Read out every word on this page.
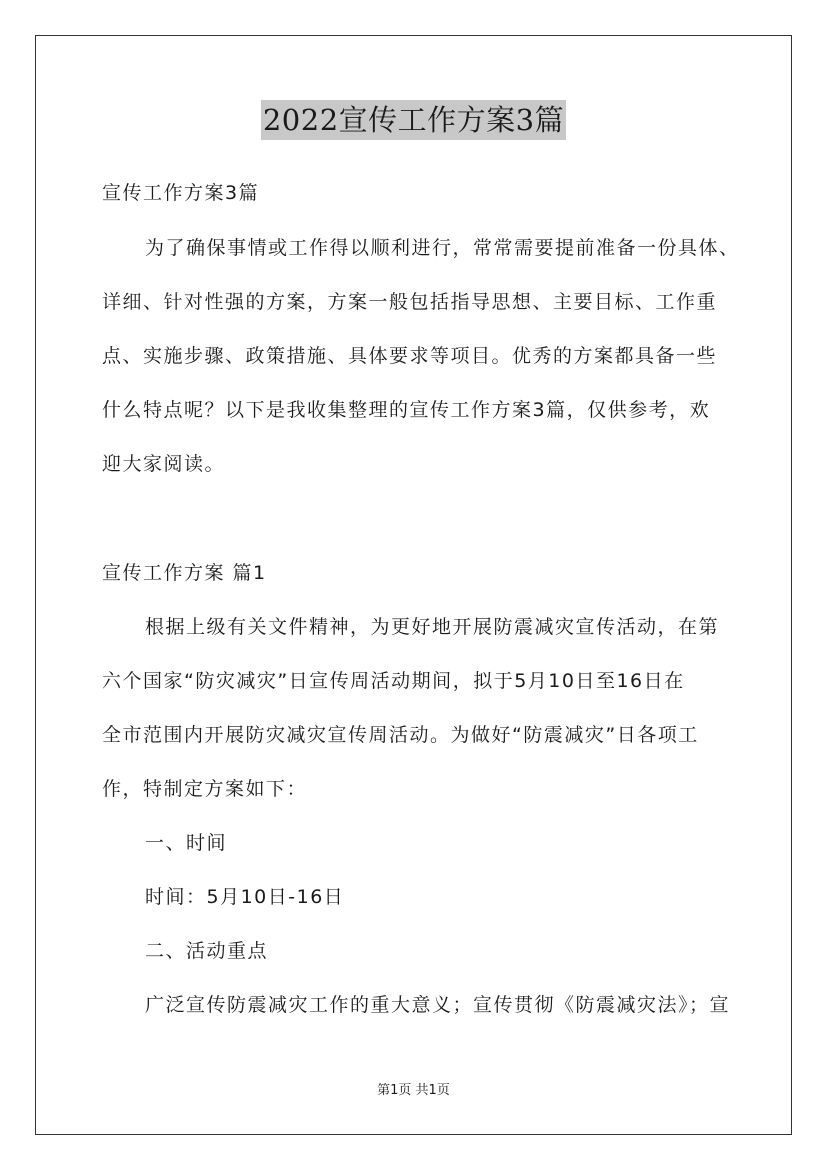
2022宣传工作方案3篇
宣传工作方案3篇
为了确保事情或工作得以顺利进行，常常需要提前准备一份具体、
详细、针对性强的方案，方案一般包括指导思想、主要目标、工作重
点、实施步骤、政策措施、具体要求等项目。优秀的方案都具备一些
什么特点呢？以下是我收集整理的宣传工作方案3篇，仅供参考，欢
迎大家阅读。
宣传工作方案 篇1
根据上级有关文件精神，为更好地开展防震减灾宣传活动，在第
六个国家“防灾减灾”日宣传周活动期间，拟于5月10日至16日在
全市范围内开展防灾减灾宣传周活动。为做好“防震减灾”日各项工
作，特制定方案如下：
一、时间
时间：5月10日-16日
二、活动重点
广泛宣传防震减灾工作的重大意义；宣传贯彻《防震减灾法》；宣
第1页 共1页
